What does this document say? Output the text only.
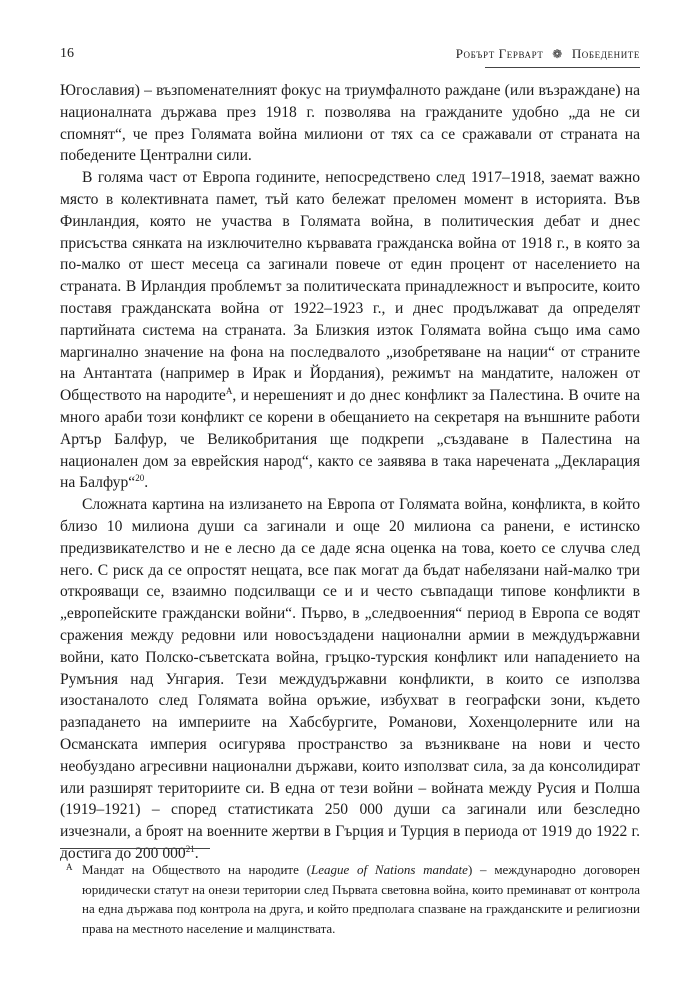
16	Робърт Герварт ❁ Победените

Югославия) – възпоменателният фокус на триумфалното раждане (или възраждане) на националната държава през 1918 г. позволява на гражданите удобно „да не си спомнят“, че през Голямата война милиони от тях са се сражавали от страната на победените Централни сили.

В голяма част от Европа годините, непосредствено след 1917–1918, заемат важно място в колективната памет, тъй като бележат преломен момент в историята. Във Финландия, която не участва в Голямата война, в политическия дебат и днес присъства сянката на изключително кървавата гражданска война от 1918 г., в която за по-малко от шест месеца са загинали повече от един процент от населението на страната. В Ирландия проблемът за политическата принадлежност и въпросите, които поставя гражданската война от 1922–1923 г., и днес продължават да определят партийната система на страната. За Близкия изток Голямата война също има само маргинално значение на фона на последвалото „изобретяване на нации“ от страните на Антантата (например в Ирак и Йордания), режимът на мандатите, наложен от Обществото на народите$^А$, и нерешеният и до днес конфликт за Палестина. В очите на много араби този конфликт се корени в обещанието на секретаря на външните работи Артър Балфур, че Великобритания ще подкрепи „създаване в Палестина на национален дом за еврейския народ“, както се заявява в така наречената „Декларация на Балфур“$^{20}$.

Сложната картина на излизането на Европа от Голямата война, конфликта, в който близо 10 милиона души са загинали и още 20 милиона са ранени, е истинско предизвикателство и не е лесно да се даде ясна оценка на това, което се случва след него. С риск да се опростят нещата, все пак могат да бъдат набелязани най-малко три открояващи се, взаимно подсилващи се и и често съвпадащи типове конфликти в „европейските граждански войни“. Първо, в „следвоенния“ период в Европа се водят сражения между редовни или новосъздадени национални армии в междудържавни войни, като Полско-съветската война, гръцко-турския конфликт или нападението на Румъния над Унгария. Тези междудържавни конфликти, в които се използва изостаналото след Голямата война оръжие, избухват в географски зони, където разпадането на империите на Хабсбургите, Романови, Хохенцолерните или на Османската империя осигурява пространство за възникване на нови и често необуздано агресивни национални държави, които използват сила, за да консолидират или разширят териториите си. В една от тези войни – войната между Русия и Полша (1919–1921) – според статистиката 250 000 души са загинали или безследно изчезнали, а броят на военните жертви в Гърция и Турция в периода от 1919 до 1922 г. достига до 200 $000^{21}$.

А Мандат на Обществото на народите (League of Nations mandate) – международно договорен юридически статут на онези територии след Първата световна война, които преминават от контрола на една държава под контрола на друга, и който предполага спазване на гражданските и религиозни права на местното население и малцинствата.
